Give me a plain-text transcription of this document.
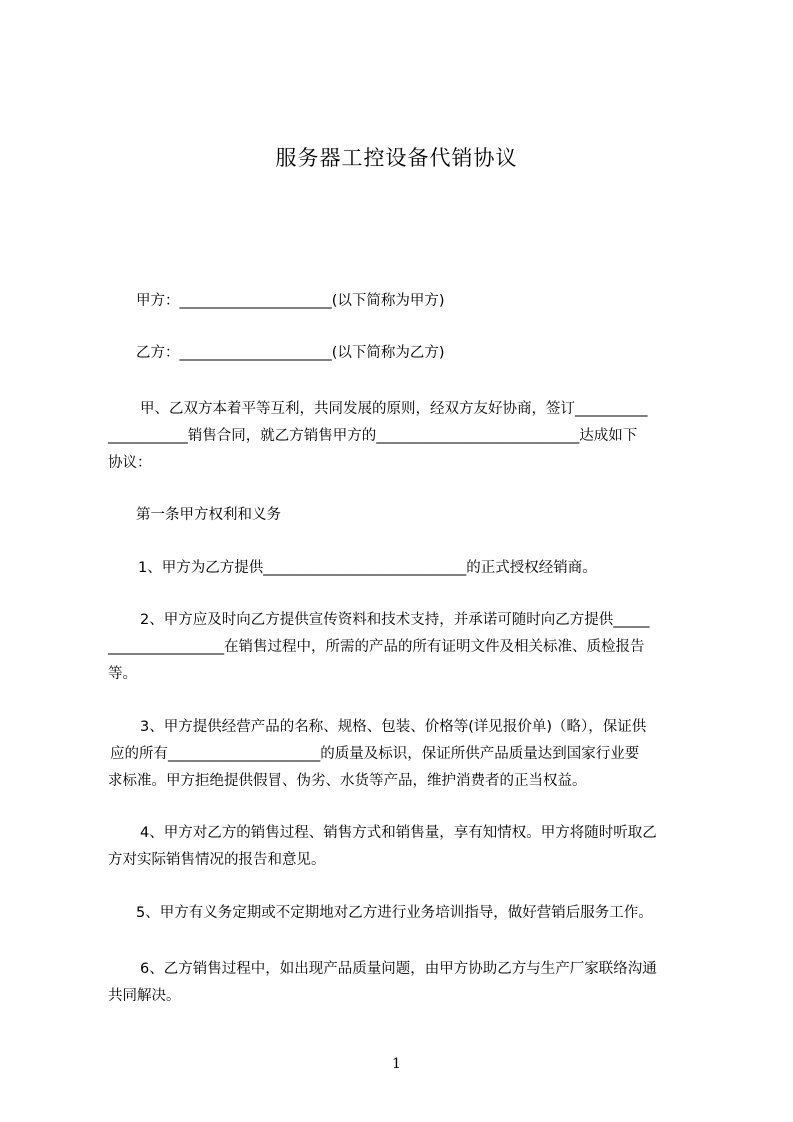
服务器工控设备代销协议

甲方：_____________________(以下简称为甲方)

乙方：_____________________(以下简称为乙方)

甲、乙双方本着平等互利，共同发展的原则，经双方友好协商，签订__________
___________销售合同，就乙方销售甲方的____________________________达成如下
协议：

第一条甲方权利和义务

1、甲方为乙方提供____________________________的正式授权经销商。
2、甲方应及时向乙方提供宣传资料和技术支持，并承诺可随时向乙方提供_____
________________在销售过程中，所需的产品的所有证明文件及相关标准、质检报告
等。
3、甲方提供经营产品的名称、规格、包装、价格等(详见报价单)（略），保证供
应的所有_____________________的质量及标识，保证所供产品质量达到国家行业要
求标准。甲方拒绝提供假冒、伪劣、水货等产品，维护消费者的正当权益。
4、甲方对乙方的销售过程、销售方式和销售量，享有知情权。甲方将随时听取乙
方对实际销售情况的报告和意见。
5、甲方有义务定期或不定期地对乙方进行业务培训指导，做好营销后服务工作。
6、乙方销售过程中，如出现产品质量问题，由甲方协助乙方与生产厂家联络沟通
共同解决。
1
